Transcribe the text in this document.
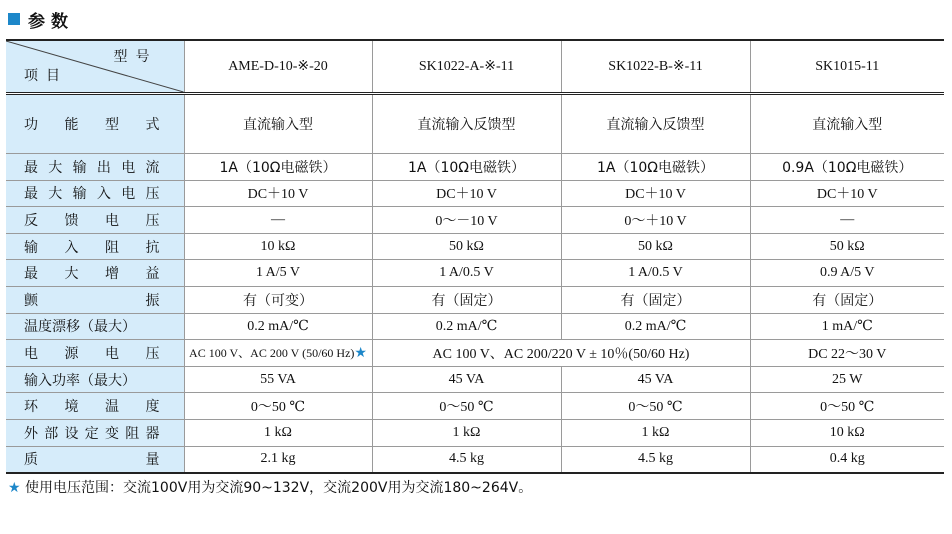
参数
型号
项目	AME-D-10-※-20	SK1022-A-※-11	SK1022-B-※-11	SK1015-11

功能型式	直流输入型	直流输入反馈型	直流输入反馈型	直流输入型

最大输出电流	1A（10Ω电磁铁）	1A（10Ω电磁铁）	1A（10Ω电磁铁）	0.9A（10Ω电磁铁）

最大输入电压	DC＋10 V	DC＋10 V	DC＋10 V	DC＋10 V

反馈电压	—	0～－10 V	0～＋10 V	—

输入阻抗	10 kΩ	50 kΩ	50 kΩ	50 kΩ

最大增益	1 A/5 V	1 A/0.5 V	1 A/0.5 V	0.9 A/5 V

颤振	有（可变）	有（固定）	有（固定）	有（固定）

温度漂移（最大）	0.2 mA/℃	0.2 mA/℃	0.2 mA/℃	1 mA/℃

电源电压	AC 100 V、AC 200 V (50/60 Hz)★	AC 100 V、AC 200/220 V ± 10％(50/60 Hz)		DC 22～30 V

输入功率（最大）	55 VA	45 VA	45 VA	25 W

环境温度	0～50 ℃	0～50 ℃	0～50 ℃	0～50 ℃

外部设定变阻器	1 kΩ	1 kΩ	1 kΩ	10 kΩ

质量	2.1 kg	4.5 kg	4.5 kg	0.4 kg
★ 使用电压范围：交流100V用为交流90~132V，交流200V用为交流180~264V。
